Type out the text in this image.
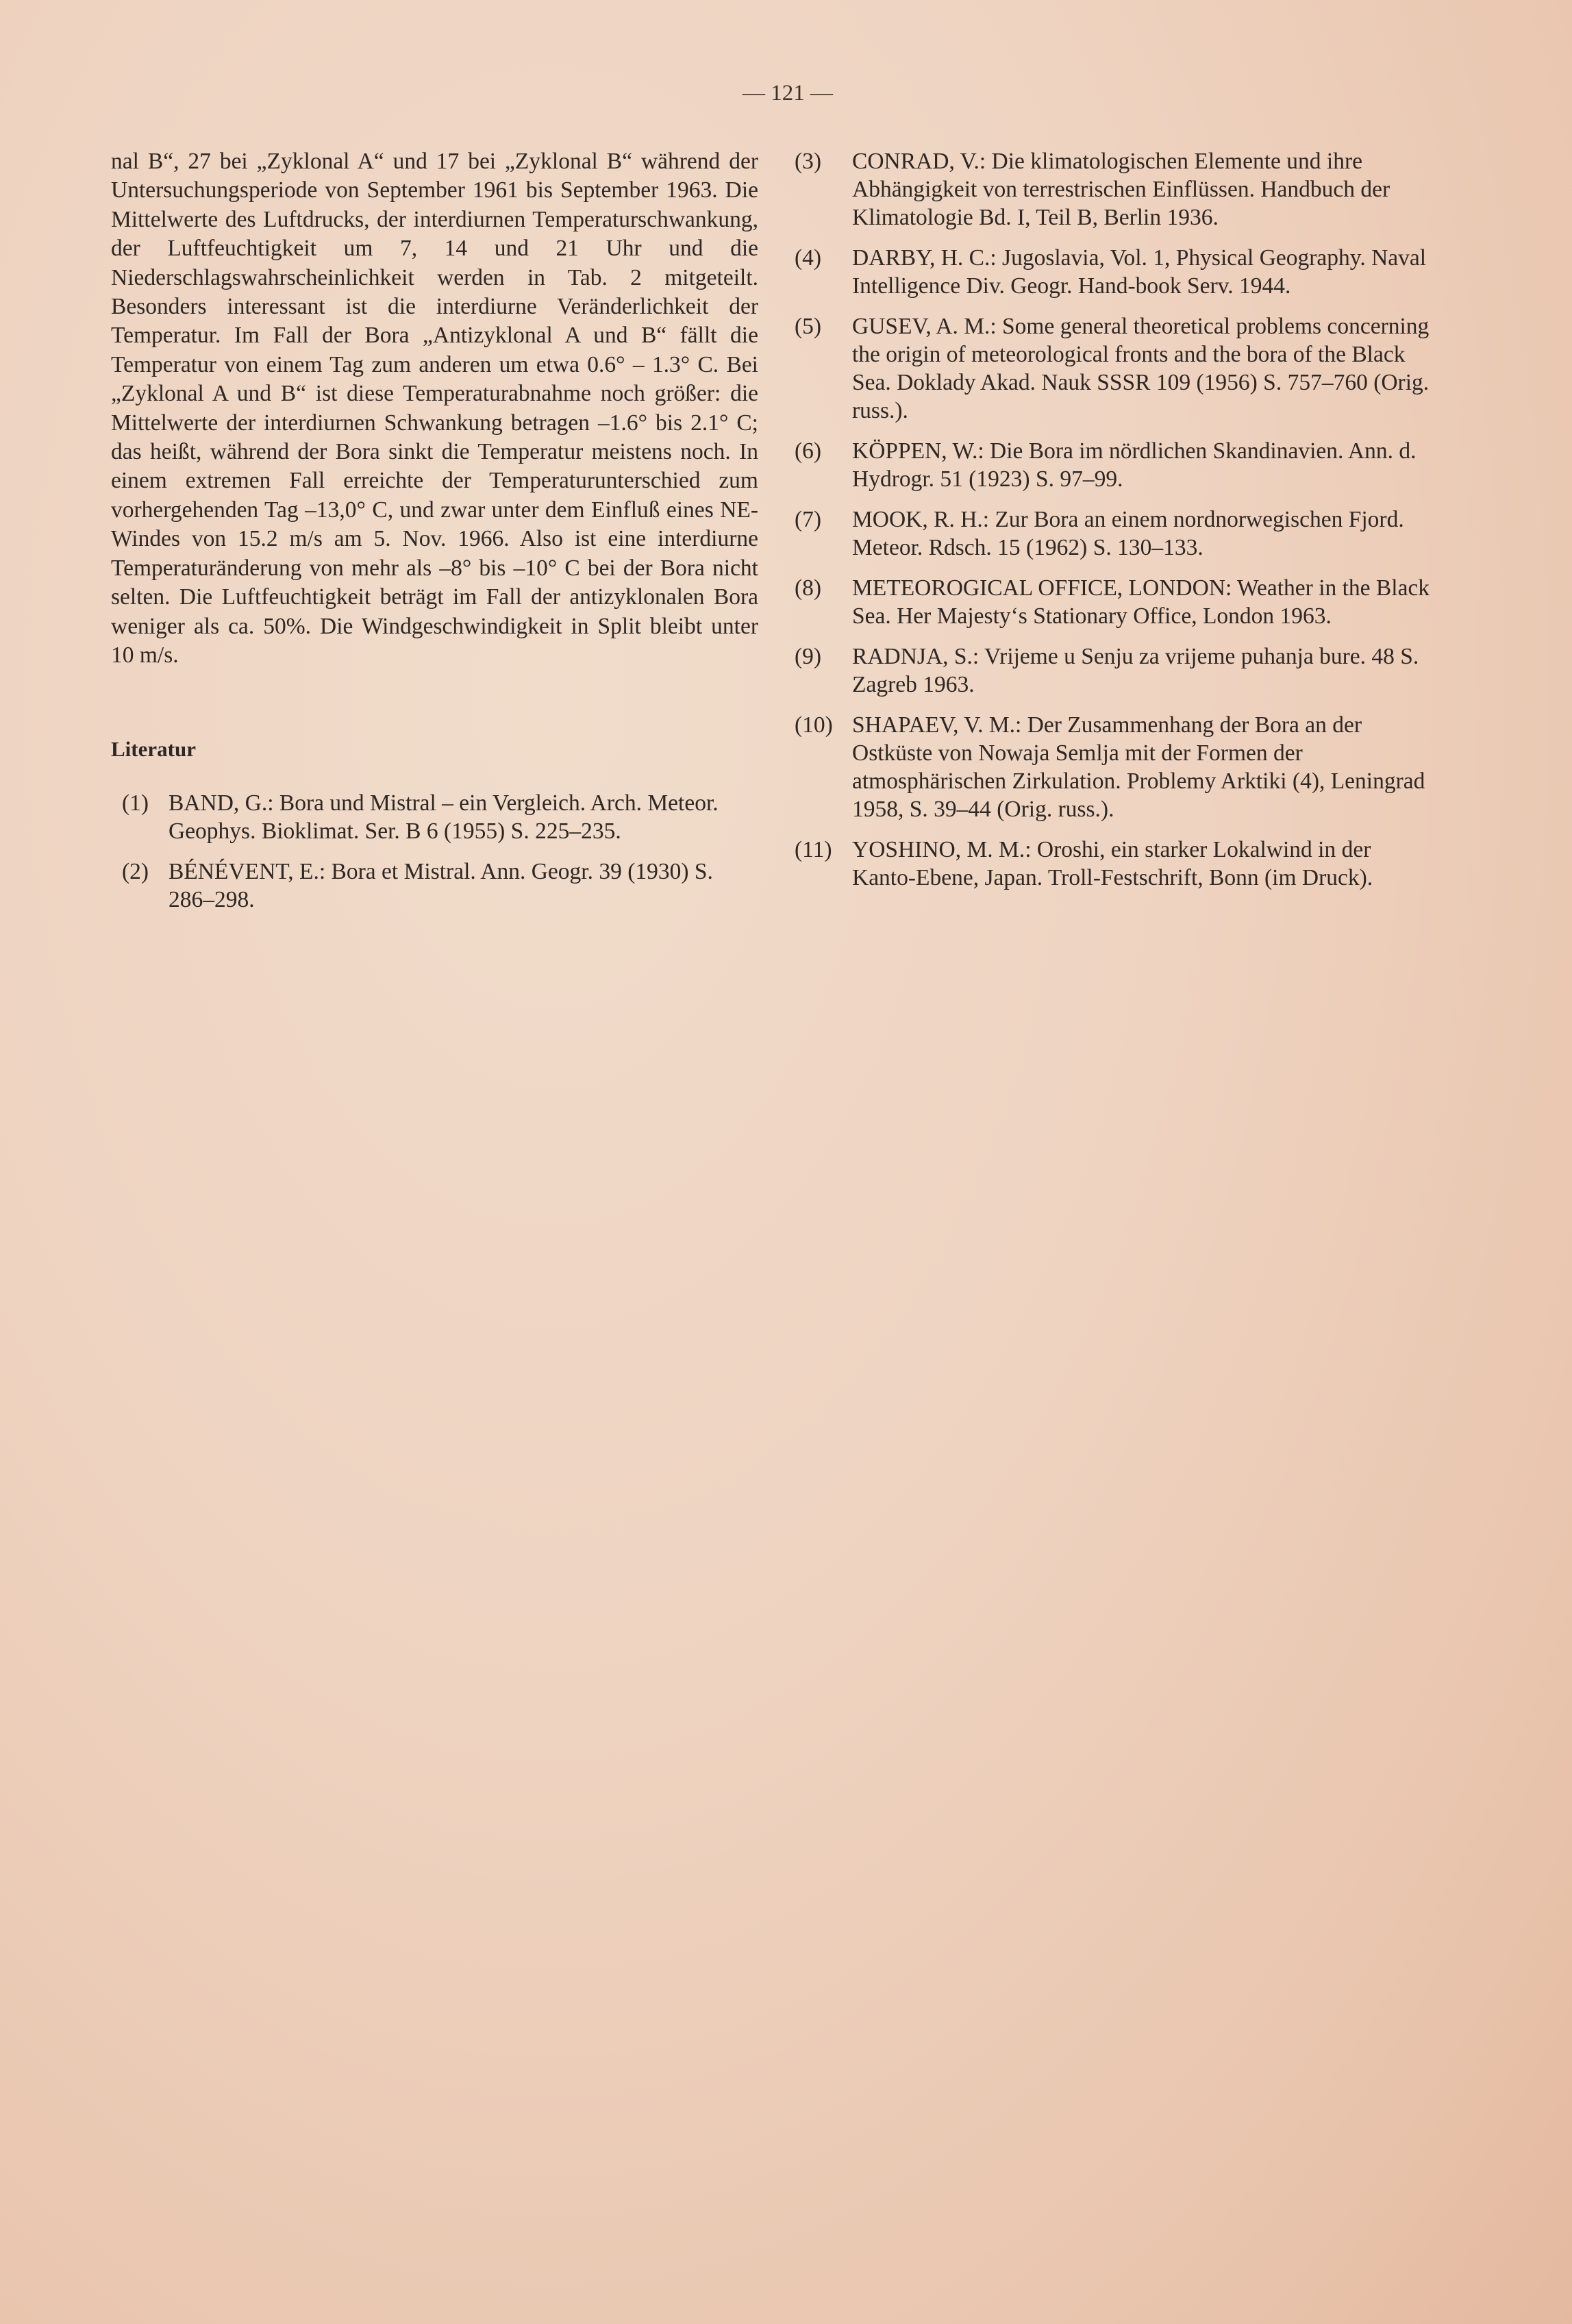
— 121 —

nal B“, 27 bei „Zyklonal A“ und 17 bei „Zyklonal B“ während der Untersuchungsperiode von September 1961 bis September 1963. Die Mittelwerte des Luftdrucks, der interdiurnen Temperaturschwankung, der Luftfeuchtigkeit um 7, 14 und 21 Uhr und die Niederschlagswahrscheinlichkeit werden in Tab. 2 mitgeteilt. Besonders interessant ist die interdiurne Veränderlichkeit der Temperatur. Im Fall der Bora „Antizyklonal A und B“ fällt die Temperatur von einem Tag zum anderen um etwa 0.6° – 1.3° C. Bei „Zyklonal A und B“ ist diese Temperaturabnahme noch größer: die Mittelwerte der interdiurnen Schwankung betragen –1.6° bis 2.1° C; das heißt, während der Bora sinkt die Temperatur meistens noch. In einem extremen Fall erreichte der Temperaturunterschied zum vorhergehenden Tag –13,0° C, und zwar unter dem Einfluß eines NE-Windes von 15.2 m/s am 5. Nov. 1966. Also ist eine interdiurne Temperaturänderung von mehr als –8° bis –10° C bei der Bora nicht selten. Die Luftfeuchtigkeit beträgt im Fall der antizyklonalen Bora weniger als ca. 50%. Die Windgeschwindigkeit in Split bleibt unter 10 m/s.

Literatur
(1) BAND, G.: Bora und Mistral – ein Vergleich. Arch. Meteor. Geophys. Bioklimat. Ser. B 6 (1955) S. 225–235.
(2) BÉNÉVENT, E.: Bora et Mistral. Ann. Geogr. 39 (1930) S. 286–298.
(3)	CONRAD, V.: Die klimatologischen Elemente und ihre Abhängigkeit von terrestrischen Einflüssen. Handbuch der Klimatologie Bd. I, Teil B, Berlin 1936.
(4)	DARBY, H. C.: Jugoslavia, Vol. 1, Physical Geography. Naval Intelligence Div. Geogr. Hand-book Serv. 1944.
(5)	GUSEV, A. M.: Some general theoretical problems concerning the origin of meteorological fronts and the bora of the Black Sea. Doklady Akad. Nauk SSSR 109 (1956) S. 757–760 (Orig. russ.).
(6)	KÖPPEN, W.: Die Bora im nördlichen Skandinavien. Ann. d. Hydrogr. 51 (1923) S. 97–99.
(7)	MOOK, R. H.: Zur Bora an einem nordnorwegischen Fjord. Meteor. Rdsch. 15 (1962) S. 130–133.
(8)	METEOROGICAL OFFICE, LONDON: Weather in the Black Sea. Her Majesty‘s Stationary Office, London 1963.
(9)	RADNJA, S.: Vrijeme u Senju za vrijeme puhanja bure. 48 S. Zagreb 1963.
(10) SHAPAEV, V. M.: Der Zusammenhang der Bora an der Ostküste von Nowaja Semlja mit der Formen der atmosphärischen Zirkulation. Problemy Arktiki (4), Leningrad 1958, S. 39–44 (Orig. russ.).
(11) YOSHINO, M. M.: Oroshi, ein starker Lokalwind in der Kanto-Ebene, Japan. Troll-Festschrift, Bonn (im Druck).
